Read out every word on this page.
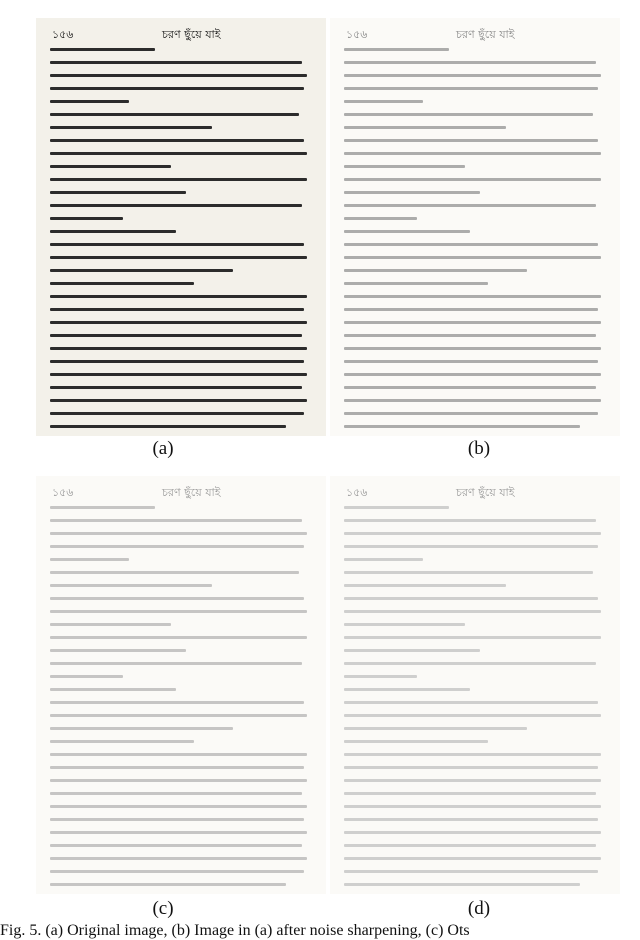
১৫৬	চরণ ছুঁয়ে যাই
(a)
১৫৬	চরণ ছুঁয়ে যাই
(b)
১৫৬	চরণ ছুঁয়ে যাই
(c)
১৫৬	চরণ ছুঁয়ে যাই
(d)
Fig. 5. (a) Original image, (b) Image in (a) after noise sharpening, (c) Ots
